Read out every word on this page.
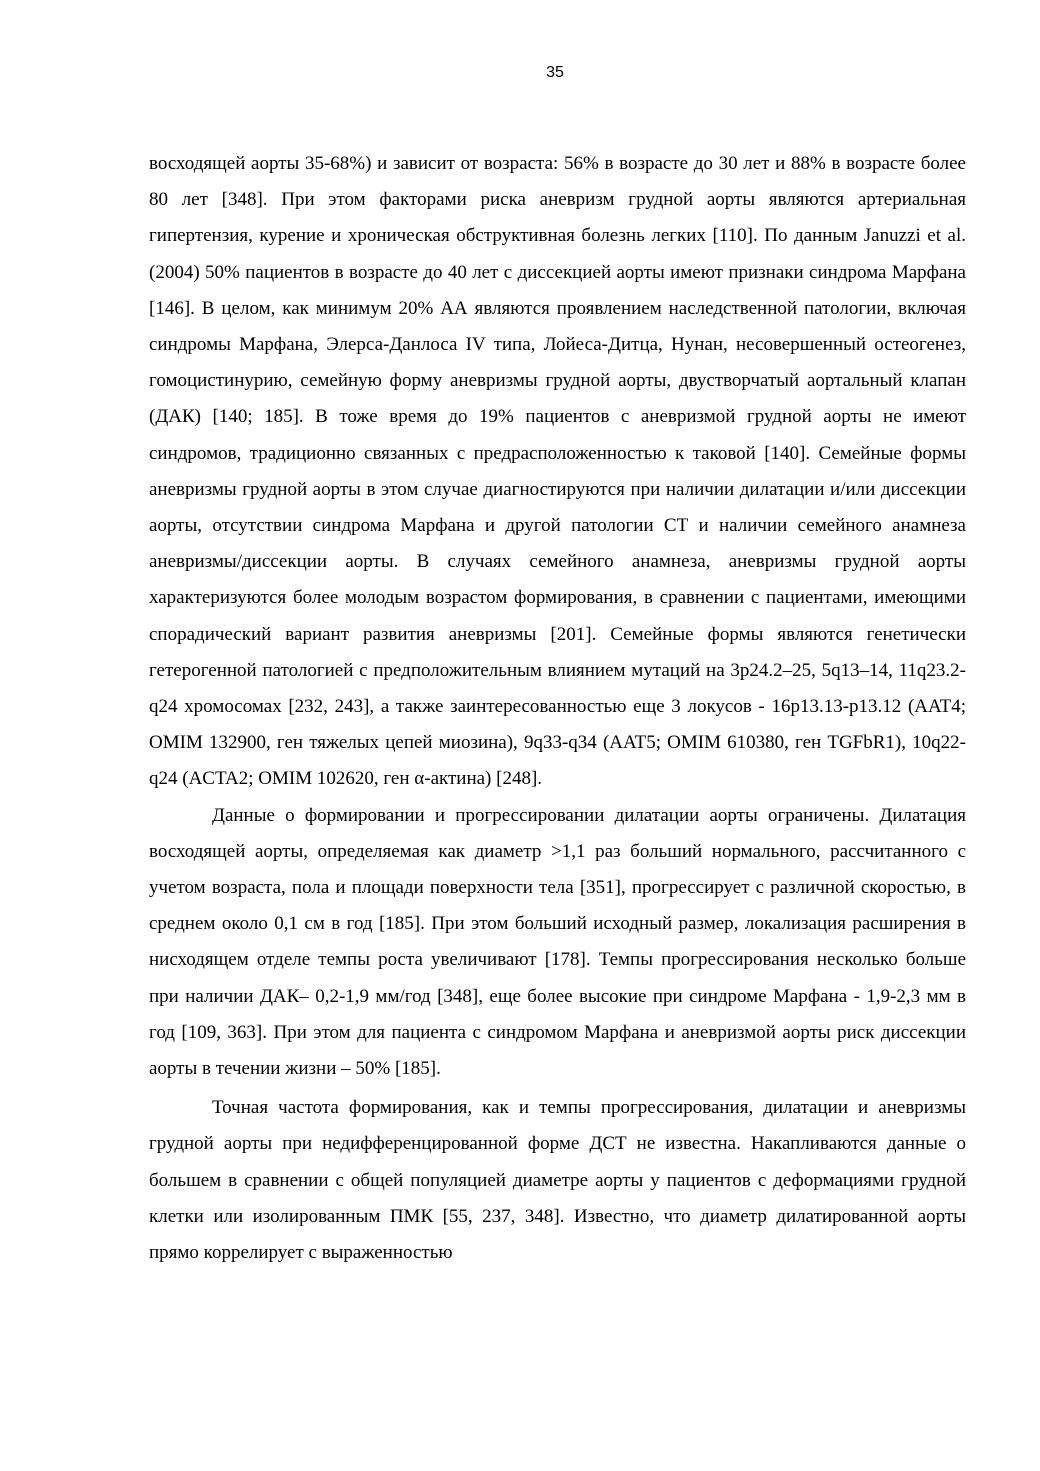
35

восходящей аорты 35-68%) и зависит от возраста: 56% в возрасте до 30 лет и 88% в возрасте более 80 лет [348]. При этом факторами риска аневризм грудной аорты являются артериальная гипертензия, курение и хроническая обструктивная болезнь легких [110]. По данным Januzzi et al. (2004) 50% пациентов в возрасте до 40 лет с диссекцией аорты имеют признаки синдрома Марфана [146]. В целом, как минимум 20% АА являются проявлением наследственной патологии, включая синдромы Марфана, Элерса-Данлоса IV типа, Лойеса-Дитца, Нунан, несовершенный остеогенез, гомоцистинурию, семейную форму аневризмы грудной аорты, двустворчатый аортальный клапан (ДАК) [140; 185]. В тоже время до 19% пациентов с аневризмой грудной аорты не имеют синдромов, традиционно связанных с предрасположенностью к таковой [140]. Семейные формы аневризмы грудной аорты в этом случае диагностируются при наличии дилатации и/или диссекции аорты, отсутствии синдрома Марфана и другой патологии СТ и наличии семейного анамнеза аневризмы/диссекции аорты. В случаях семейного анамнеза, аневризмы грудной аорты характеризуются более молодым возрастом формирования, в сравнении с пациентами, имеющими спорадический вариант развития аневризмы [201]. Семейные формы являются генетически гетерогенной патологией с предположительным влиянием мутаций на 3p24.2–25, 5q13–14, 11q23.2-q24 хромосомах [232, 243], а также заинтересованностью еще 3 локусов - 16p13.13-p13.12 (AAT4; OMIM 132900, ген тяжелых цепей миозина), 9q33-q34 (AAT5; OMIM 610380, ген TGFbR1), 10q22-q24 (ACTA2; OMIM 102620, ген α-актина) [248].

Данные о формировании и прогрессировании дилатации аорты ограничены. Дилатация восходящей аорты, определяемая как диаметр >1,1 раз больший нормального, рассчитанного с учетом возраста, пола и площади поверхности тела [351], прогрессирует с различной скоростью, в среднем около 0,1 см в год [185]. При этом больший исходный размер, локализация расширения в нисходящем отделе темпы роста увеличивают [178]. Темпы прогрессирования несколько больше при наличии ДАК– 0,2-1,9 мм/год [348], еще более высокие при синдроме Марфана - 1,9-2,3 мм в год [109, 363]. При этом для пациента с синдромом Марфана и аневризмой аорты риск диссекции аорты в течении жизни – 50% [185].

Точная частота формирования, как и темпы прогрессирования, дилатации и аневризмы грудной аорты при недифференцированной форме ДСТ не известна. Накапливаются данные о большем в сравнении с общей популяцией диаметре аорты у пациентов с деформациями грудной клетки или изолированным ПМК [55, 237, 348]. Известно, что диаметр дилатированной аорты прямо коррелирует с выраженностью
